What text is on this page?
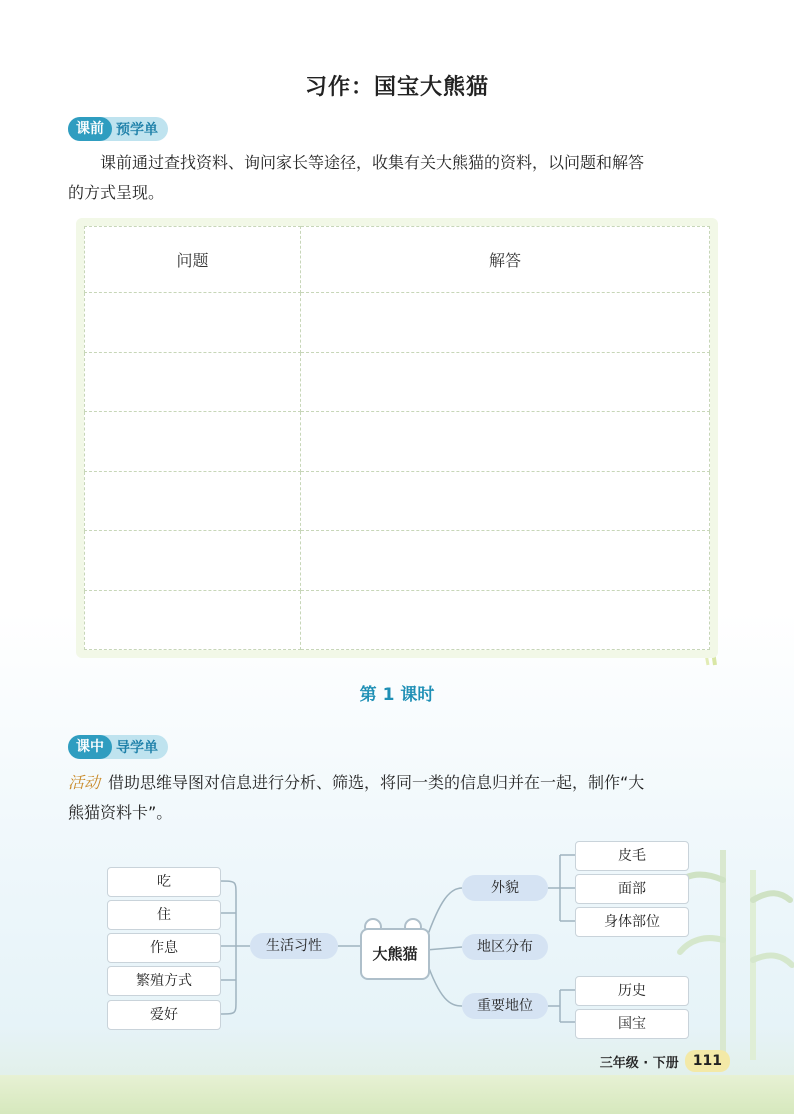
习作：国宝大熊猫
课前 预学单
课前通过查找资料、询问家长等途径，收集有关大熊猫的资料，以问题和解答
的方式呈现。
问题	解答

第 1 课时
课中 导学单
活动 借助思维导图对信息进行分析、筛选，将同一类的信息归并在一起，制作“大
熊猫资料卡”。
吃
住
作息
繁殖方式
爱好
生活习性	大熊猫
外貌
地区分布
重要地位
皮毛
面部
身体部位
历史
国宝
三年级 · 下册	111
